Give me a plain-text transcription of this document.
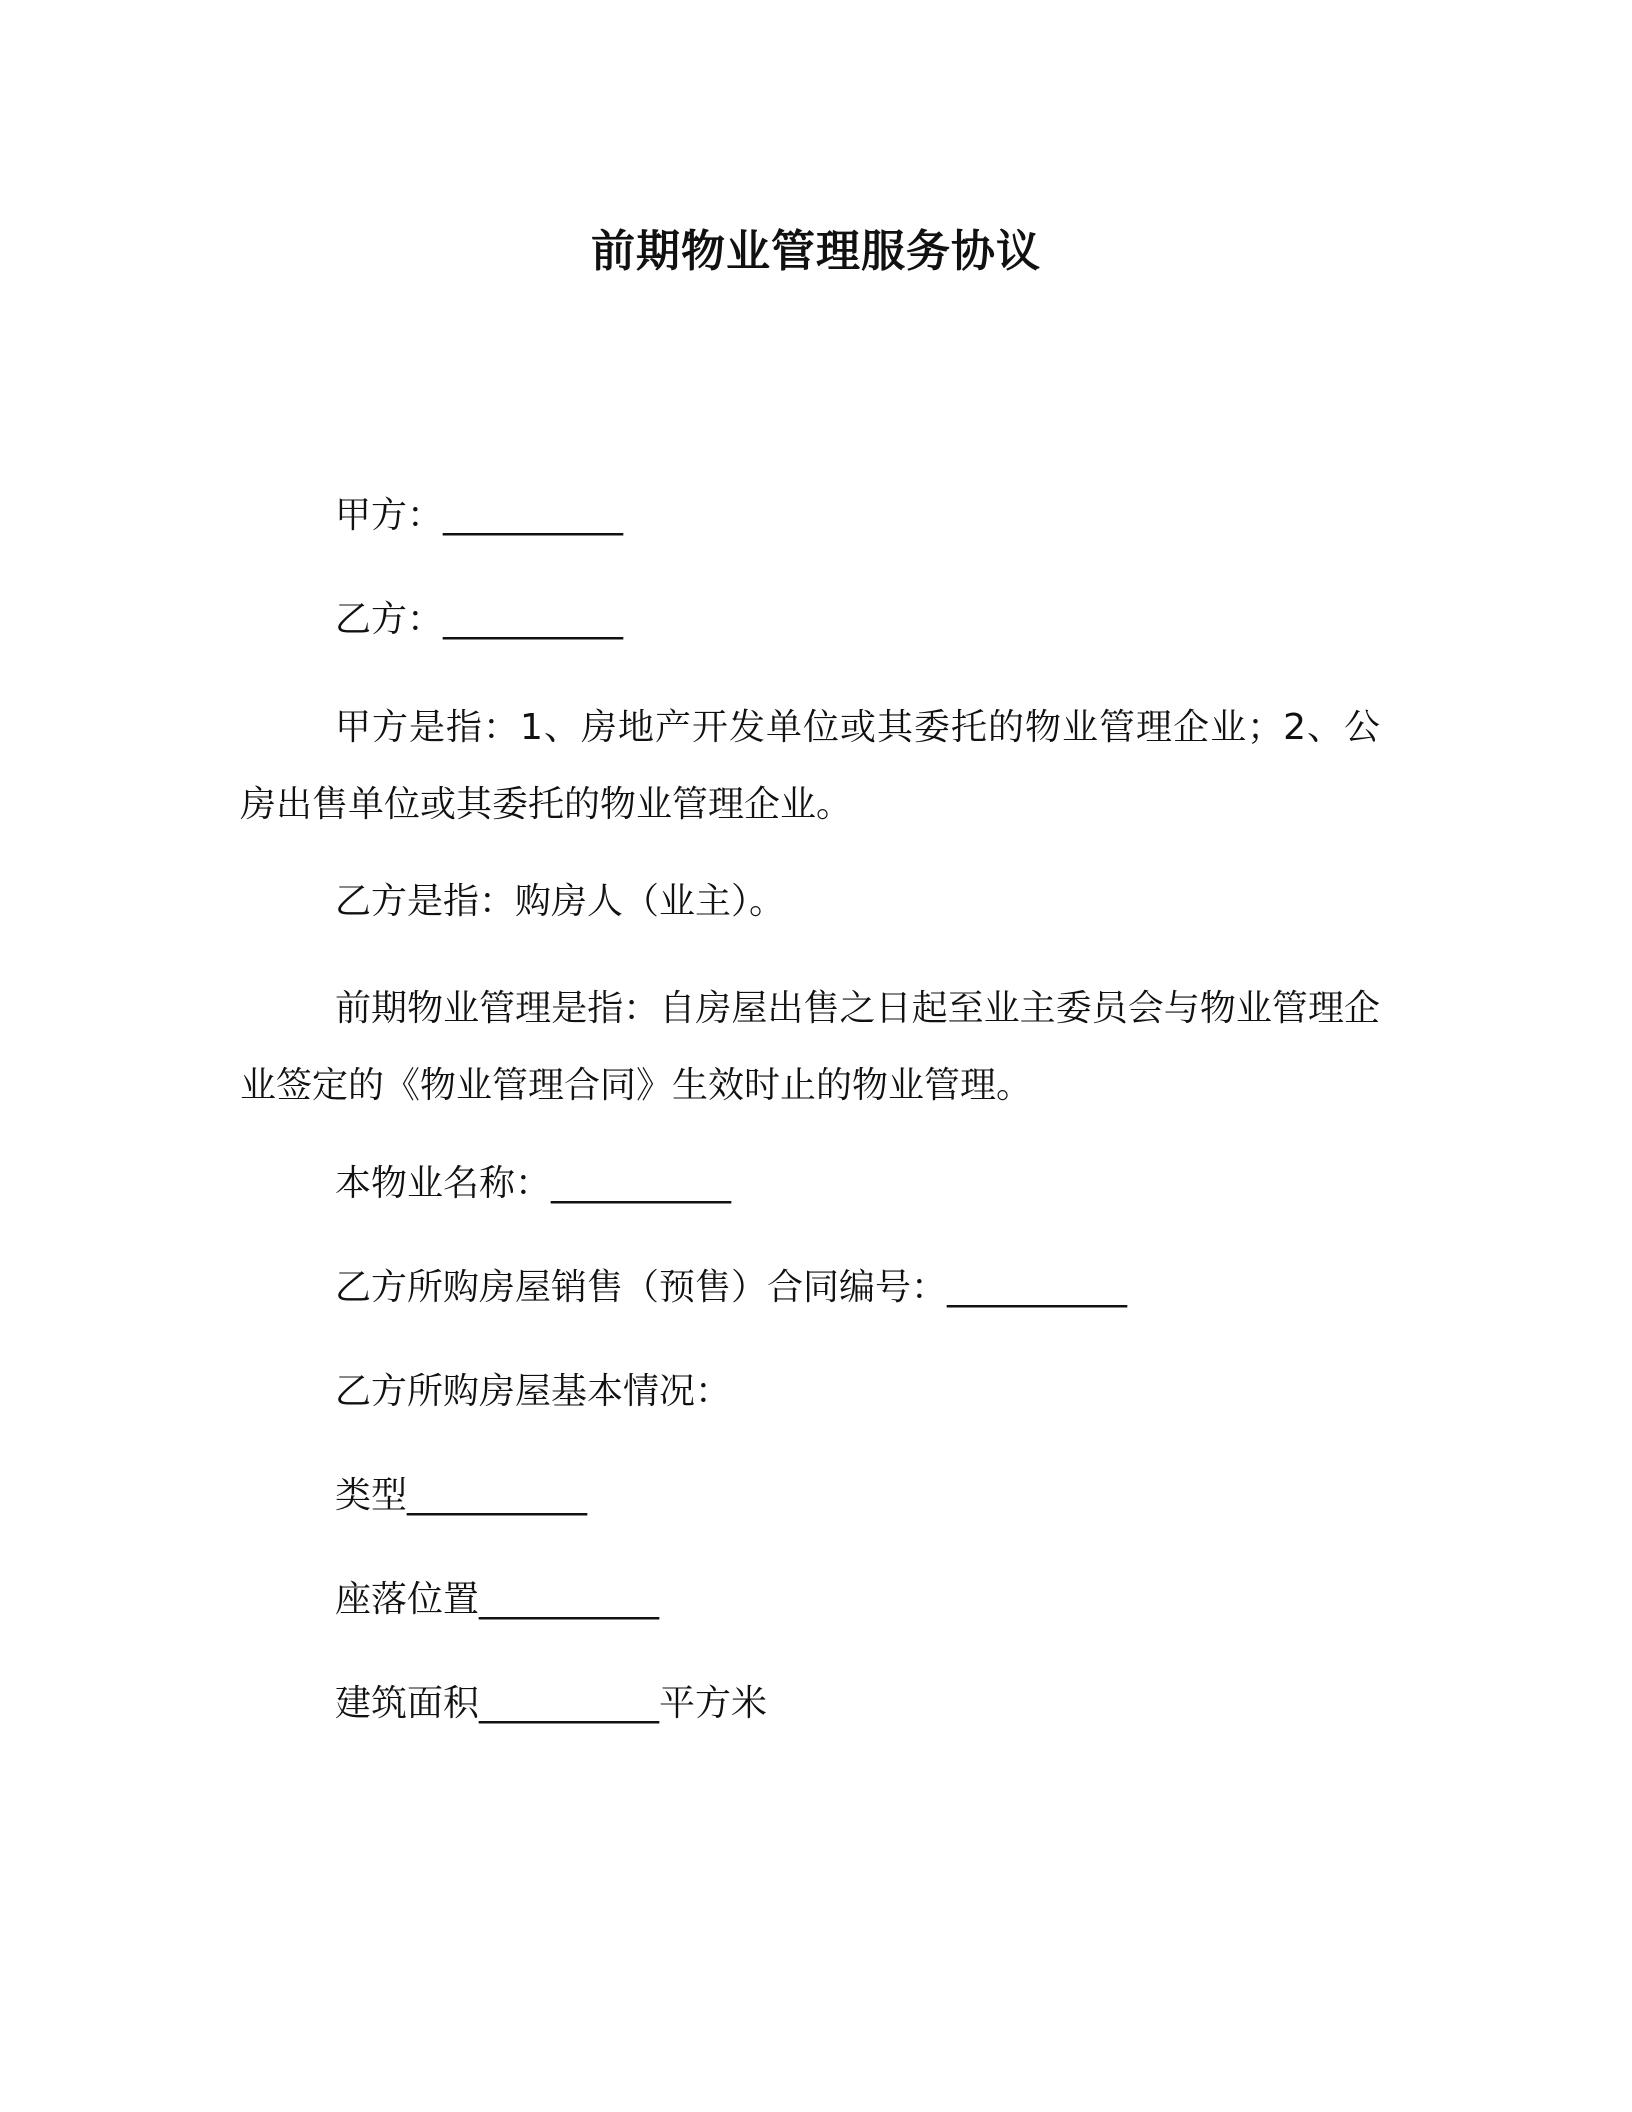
前期物业管理服务协议

甲方：__________

乙方：__________

甲方是指：1、房地产开发单位或其委托的物业管理企业；2、公房出售单位或其委托的物业管理企业。

乙方是指：购房人（业主）。

前期物业管理是指：自房屋出售之日起至业主委员会与物业管理企业签定的《物业管理合同》生效时止的物业管理。

本物业名称：__________

乙方所购房屋销售（预售）合同编号：__________

乙方所购房屋基本情况：

类型__________

座落位置__________

建筑面积__________平方米
